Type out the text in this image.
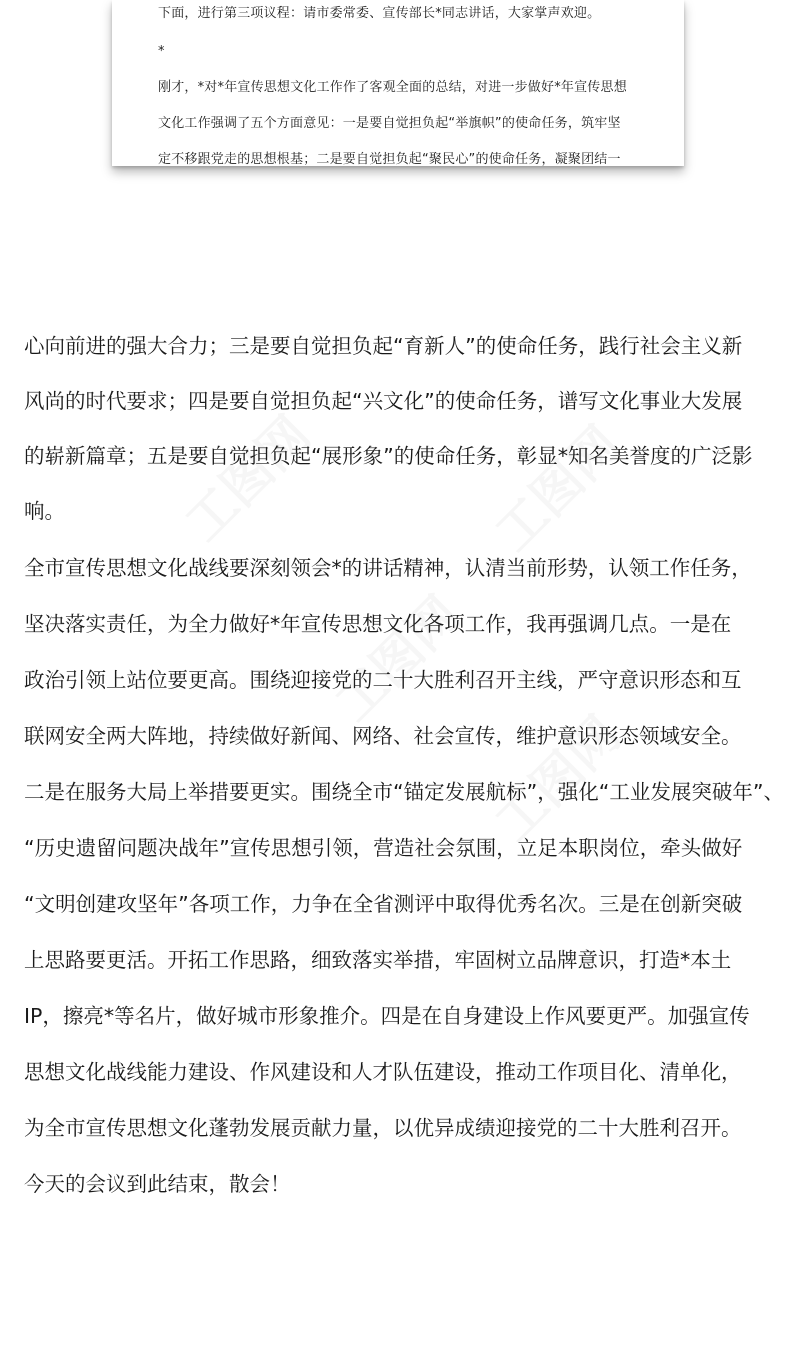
下面，进行第三项议程：请市委常委、宣传部长*同志讲话，大家掌声欢迎。
*
刚才，*对*年宣传思想文化工作作了客观全面的总结，对进一步做好*年宣传思想
文化工作强调了五个方面意见：一是要自觉担负起“举旗帜”的使命任务，筑牢坚
定不移跟党走的思想根基；二是要自觉担负起“聚民心”的使命任务，凝聚团结一
工图网	工图网
工图网
工图网
心向前进的强大合力；三是要自觉担负起“育新人”的使命任务，践行社会主义新
风尚的时代要求；四是要自觉担负起“兴文化”的使命任务，谱写文化事业大发展
的崭新篇章；五是要自觉担负起“展形象”的使命任务，彰显*知名美誉度的广泛影
响。
全市宣传思想文化战线要深刻领会*的讲话精神，认清当前形势，认领工作任务，
坚决落实责任，为全力做好*年宣传思想文化各项工作，我再强调几点。一是在
政治引领上站位要更高。围绕迎接党的二十大胜利召开主线，严守意识形态和互
联网安全两大阵地，持续做好新闻、网络、社会宣传，维护意识形态领域安全。
二是在服务大局上举措要更实。围绕全市“锚定发展航标”，强化“工业发展突破年”、
“历史遗留问题决战年”宣传思想引领，营造社会氛围，立足本职岗位，牵头做好
“文明创建攻坚年”各项工作，力争在全省测评中取得优秀名次。三是在创新突破
上思路要更活。开拓工作思路，细致落实举措，牢固树立品牌意识，打造*本土
IP，擦亮*等名片，做好城市形象推介。四是在自身建设上作风要更严。加强宣传
思想文化战线能力建设、作风建设和人才队伍建设，推动工作项目化、清单化，
为全市宣传思想文化蓬勃发展贡献力量，以优异成绩迎接党的二十大胜利召开。
今天的会议到此结束，散会！
